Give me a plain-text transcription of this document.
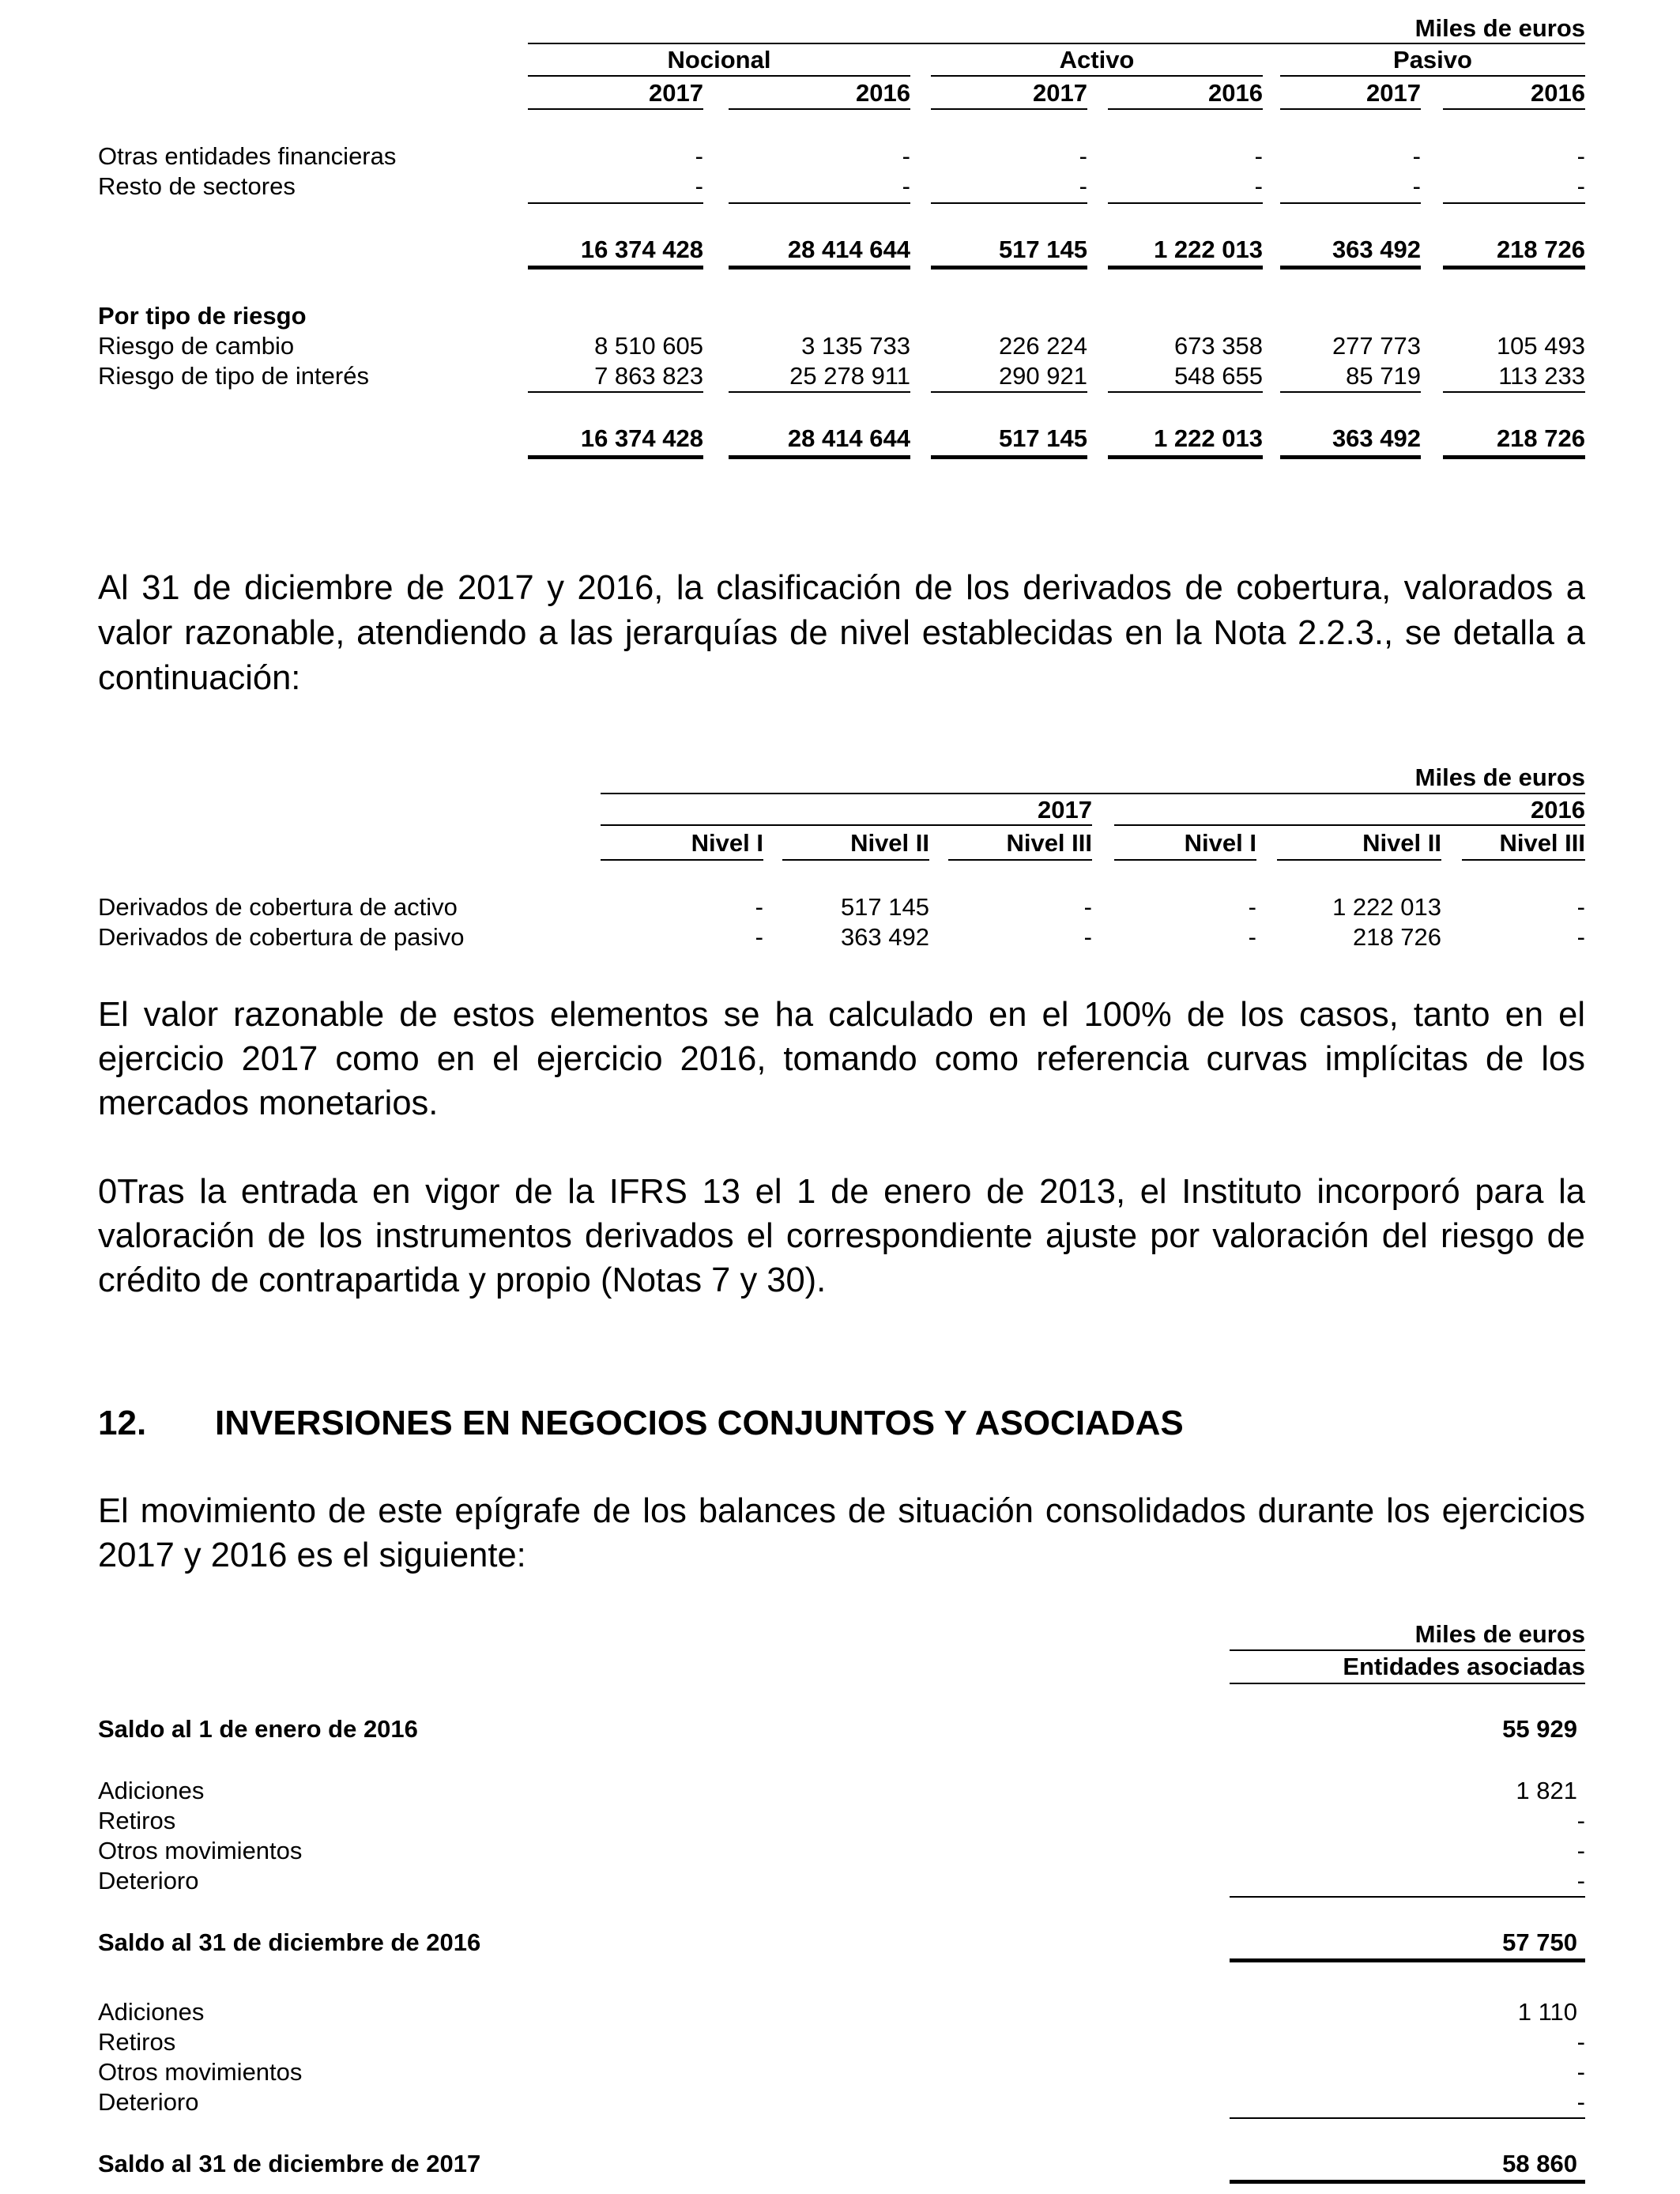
Miles de euros
Nocional	Activo	Pasivo
2017	2016	2017	2016	2017	2016
Otras entidades financieras	-	-	-	-	-	-
Resto de sectores	-	-	-	-	-	-
16 374 428	28 414 644	517 145	1 222 013	363 492	218 726
Por tipo de riesgo
Riesgo de cambio	8 510 605	3 135 733	226 224	673 358	277 773	105 493
Riesgo de tipo de interés	7 863 823	25 278 911	290 921	548 655	85 719	113 233
16 374 428	28 414 644	517 145	1 222 013	363 492	218 726
Al 31 de diciembre de 2017 y 2016, la clasificación de los derivados de cobertura, valorados a valor razonable, atendiendo a las jerarquías de nivel establecidas en la Nota 2.2.3., se detalla a continuación:
Miles de euros
2017	2016
Nivel I	Nivel II	Nivel III	Nivel I	Nivel II	Nivel III
Derivados de cobertura de activo	-	517 145	-	-	1 222 013	-
Derivados de cobertura de pasivo	-	363 492	-	-	218 726	-
El valor razonable de estos elementos se ha calculado en el 100% de los casos, tanto en el ejercicio 2017 como en el ejercicio 2016, tomando como referencia curvas implícitas de los mercados monetarios.
0Tras la entrada en vigor de la IFRS 13 el 1 de enero de 2013, el Instituto incorporó para la valoración de los instrumentos derivados el correspondiente ajuste por valoración del riesgo de crédito de contrapartida y propio (Notas 7 y 30).
12. INVERSIONES EN NEGOCIOS CONJUNTOS Y ASOCIADAS
El movimiento de este epígrafe de los balances de situación consolidados durante los ejercicios 2017 y 2016 es el siguiente:
Miles de euros
Entidades asociadas
Saldo al 1 de enero de 2016	55 929
Adiciones	1 821
Retiros	-
Otros movimientos	-
Deterioro	-
Saldo al 31 de diciembre de 2016	57 750
Adiciones	1 110
Retiros	-
Otros movimientos	-
Deterioro	-
Saldo al 31 de diciembre de 2017	58 860
